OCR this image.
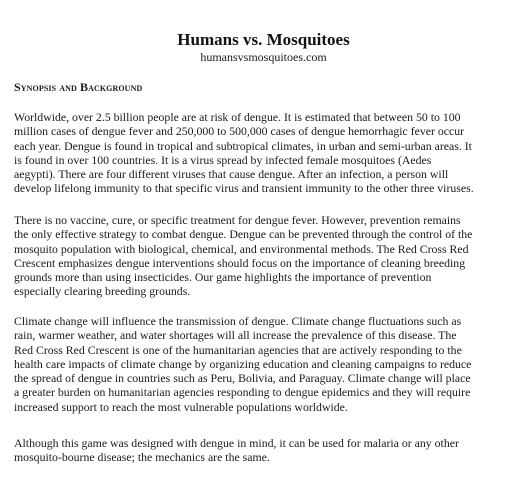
Humans vs. Mosquitoes
humansvsmosquitoes.com
Synopsis and Background

Worldwide, over 2.5 billion people are at risk of dengue. It is estimated that between 50 to 100
million cases of dengue fever and 250,000 to 500,000 cases of dengue hemorrhagic fever occur
each year. Dengue is found in tropical and subtropical climates, in urban and semi-urban areas. It
is found in over 100 countries. It is a virus spread by infected female mosquitoes (Aedes
aegypti). There are four different viruses that cause dengue. After an infection, a person will
develop lifelong immunity to that specific virus and transient immunity to the other three viruses.

There is no vaccine, cure, or specific treatment for dengue fever. However, prevention remains
the only effective strategy to combat dengue. Dengue can be prevented through the control of the
mosquito population with biological, chemical, and environmental methods. The Red Cross Red
Crescent emphasizes dengue interventions should focus on the importance of cleaning breeding
grounds more than using insecticides. Our game highlights the importance of prevention
especially clearing breeding grounds.

Climate change will influence the transmission of dengue. Climate change fluctuations such as
rain, warmer weather, and water shortages will all increase the prevalence of this disease. The
Red Cross Red Crescent is one of the humanitarian agencies that are actively responding to the
health care impacts of climate change by organizing education and cleaning campaigns to reduce
the spread of dengue in countries such as Peru, Bolivia, and Paraguay. Climate change will place
a greater burden on humanitarian agencies responding to dengue epidemics and they will require
increased support to reach the most vulnerable populations worldwide.

Although this game was designed with dengue in mind, it can be used for malaria or any other
mosquito-bourne disease; the mechanics are the same.
